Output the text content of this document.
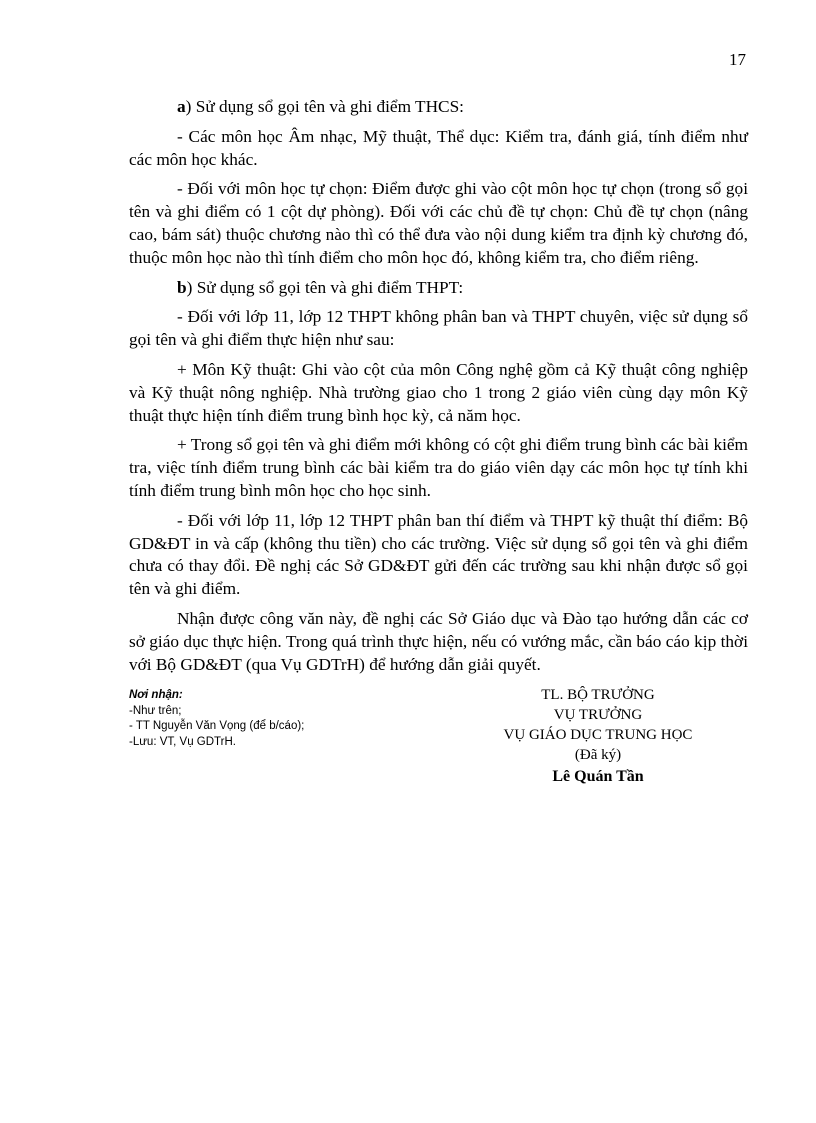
17

a) Sử dụng sổ gọi tên và ghi điểm THCS:

- Các môn học Âm nhạc, Mỹ thuật, Thể dục: Kiểm tra, đánh giá, tính điểm như các môn học khác.

- Đối với môn học tự chọn: Điểm được ghi vào cột môn học tự chọn (trong sổ gọi tên và ghi điểm có 1 cột dự phòng). Đối với các chủ đề tự chọn: Chủ đề tự chọn (nâng cao, bám sát) thuộc chương nào thì có thể đưa vào nội dung kiểm tra định kỳ chương đó, thuộc môn học nào thì tính điểm cho môn học đó, không kiểm tra, cho điểm riêng.

b) Sử dụng sổ gọi tên và ghi điểm THPT:

- Đối với lớp 11, lớp 12 THPT không phân ban và THPT chuyên, việc sử dụng sổ gọi tên và ghi điểm thực hiện như sau:

+ Môn Kỹ thuật: Ghi vào cột của môn Công nghệ gồm cả Kỹ thuật công nghiệp và Kỹ thuật nông nghiệp. Nhà trường giao cho 1 trong 2 giáo viên cùng dạy môn Kỹ thuật thực hiện tính điểm trung bình học kỳ, cả năm học.

+ Trong sổ gọi tên và ghi điểm mới không có cột ghi điểm trung bình các bài kiểm tra, việc tính điểm trung bình các bài kiểm tra do giáo viên dạy các môn học tự tính khi tính điểm trung bình môn học cho học sinh.

- Đối với lớp 11, lớp 12 THPT phân ban thí điểm và THPT kỹ thuật thí điểm: Bộ GD&ĐT in và cấp (không thu tiền) cho các trường. Việc sử dụng sổ gọi tên và ghi điểm chưa có thay đổi. Đề nghị các Sở GD&ĐT gửi đến các trường sau khi nhận được sổ gọi tên và ghi điểm.

Nhận được công văn này, đề nghị các Sở Giáo dục và Đào tạo hướng dẫn các cơ sở giáo dục thực hiện. Trong quá trình thực hiện, nếu có vướng mắc, cần báo cáo kịp thời với Bộ GD&ĐT (qua Vụ GDTrH) để hướng dẫn giải quyết.

Nơi nhận:
-Như trên;
- TT Nguyễn Văn Vọng (để b/cáo);
-Lưu: VT, Vụ GDTrH.
TL. BỘ TRƯỞNG
VỤ TRƯỞNG
VỤ GIÁO DỤC TRUNG HỌC
(Đã ký)
Lê Quán Tần
